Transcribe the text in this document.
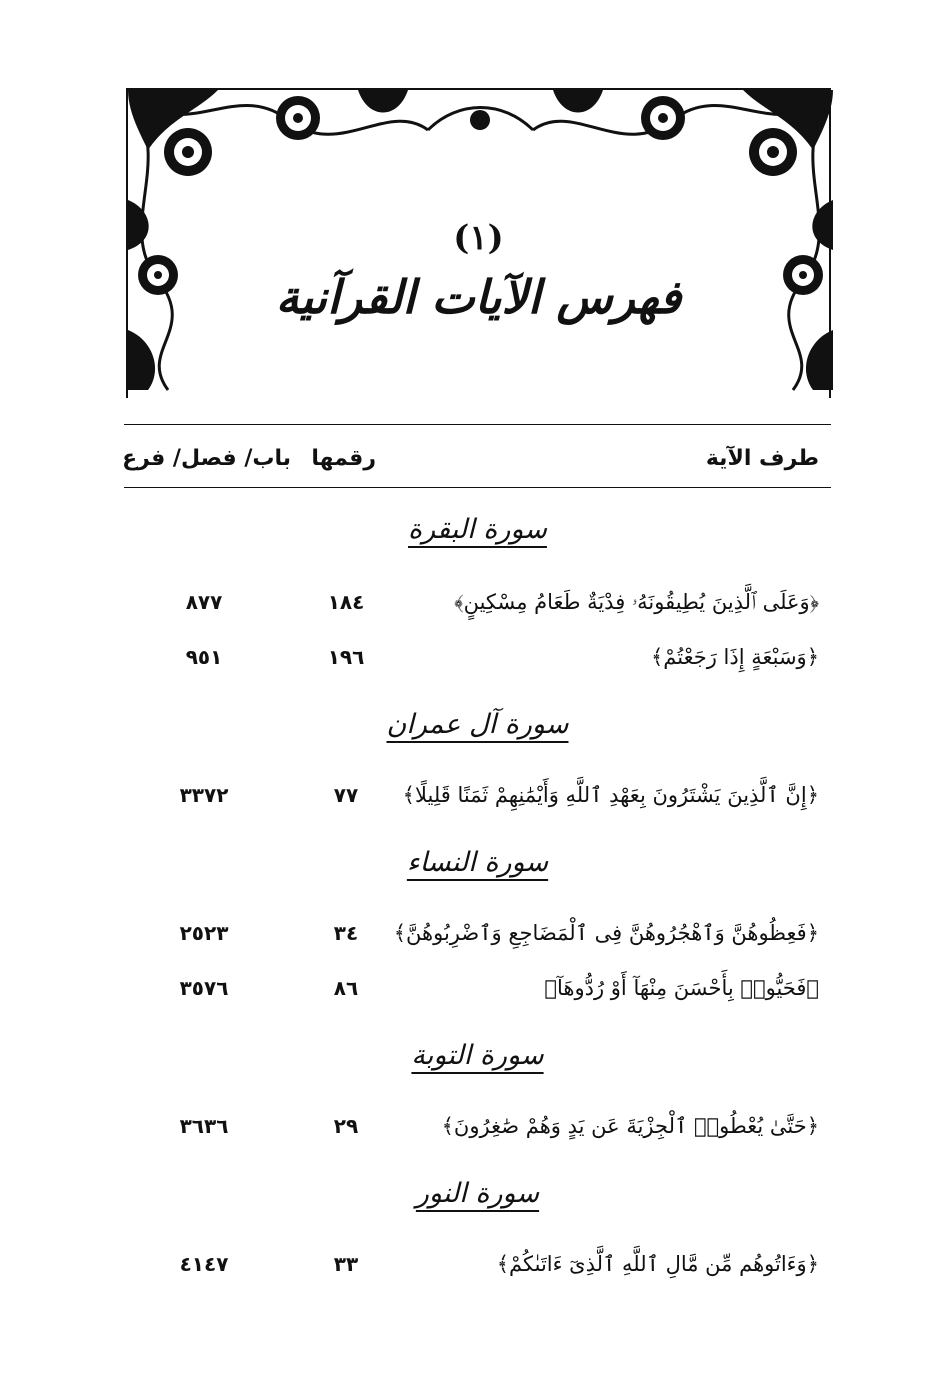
(١)
فهرس الآيات القرآنية
طرف الآية
رقمها
باب/ فصل/ فرع
سورة البقرة
﴿وَعَلَى ٱلَّذِينَ يُطِيقُونَهُۥ فِدْيَةٌ طَعَامُ مِسْكِينٍ﴾
١٨٤
٨٧٧
﴿وَسَبْعَةٍ إِذَا رَجَعْتُمْ﴾
١٩٦
٩٥١
سورة آل عمران
﴿إِنَّ ٱلَّذِينَ يَشْتَرُونَ بِعَهْدِ ٱللَّهِ وَأَيْمَٰنِهِمْ ثَمَنًا قَلِيلًا﴾
٧٧
٣٣٧٢
سورة النساء
﴿فَعِظُوهُنَّ وَٱهْجُرُوهُنَّ فِى ٱلْمَضَاجِعِ وَٱضْرِبُوهُنَّ﴾
٣٤
٢٥٢٣
﴿فَحَيُّوا۟ بِأَحْسَنَ مِنْهَآ أَوْ رُدُّوهَآ﴾
٨٦
٣٥٧٦
سورة التوبة
﴿حَتَّىٰ يُعْطُوا۟ ٱلْجِزْيَةَ عَن يَدٍ وَهُمْ صَٰغِرُونَ﴾
٢٩
٣٦٣٦
سورة النور
﴿وَءَاتُوهُم مِّن مَّالِ ٱللَّهِ ٱلَّذِىٓ ءَاتَىٰكُمْ﴾
٣٣
٤١٤٧
